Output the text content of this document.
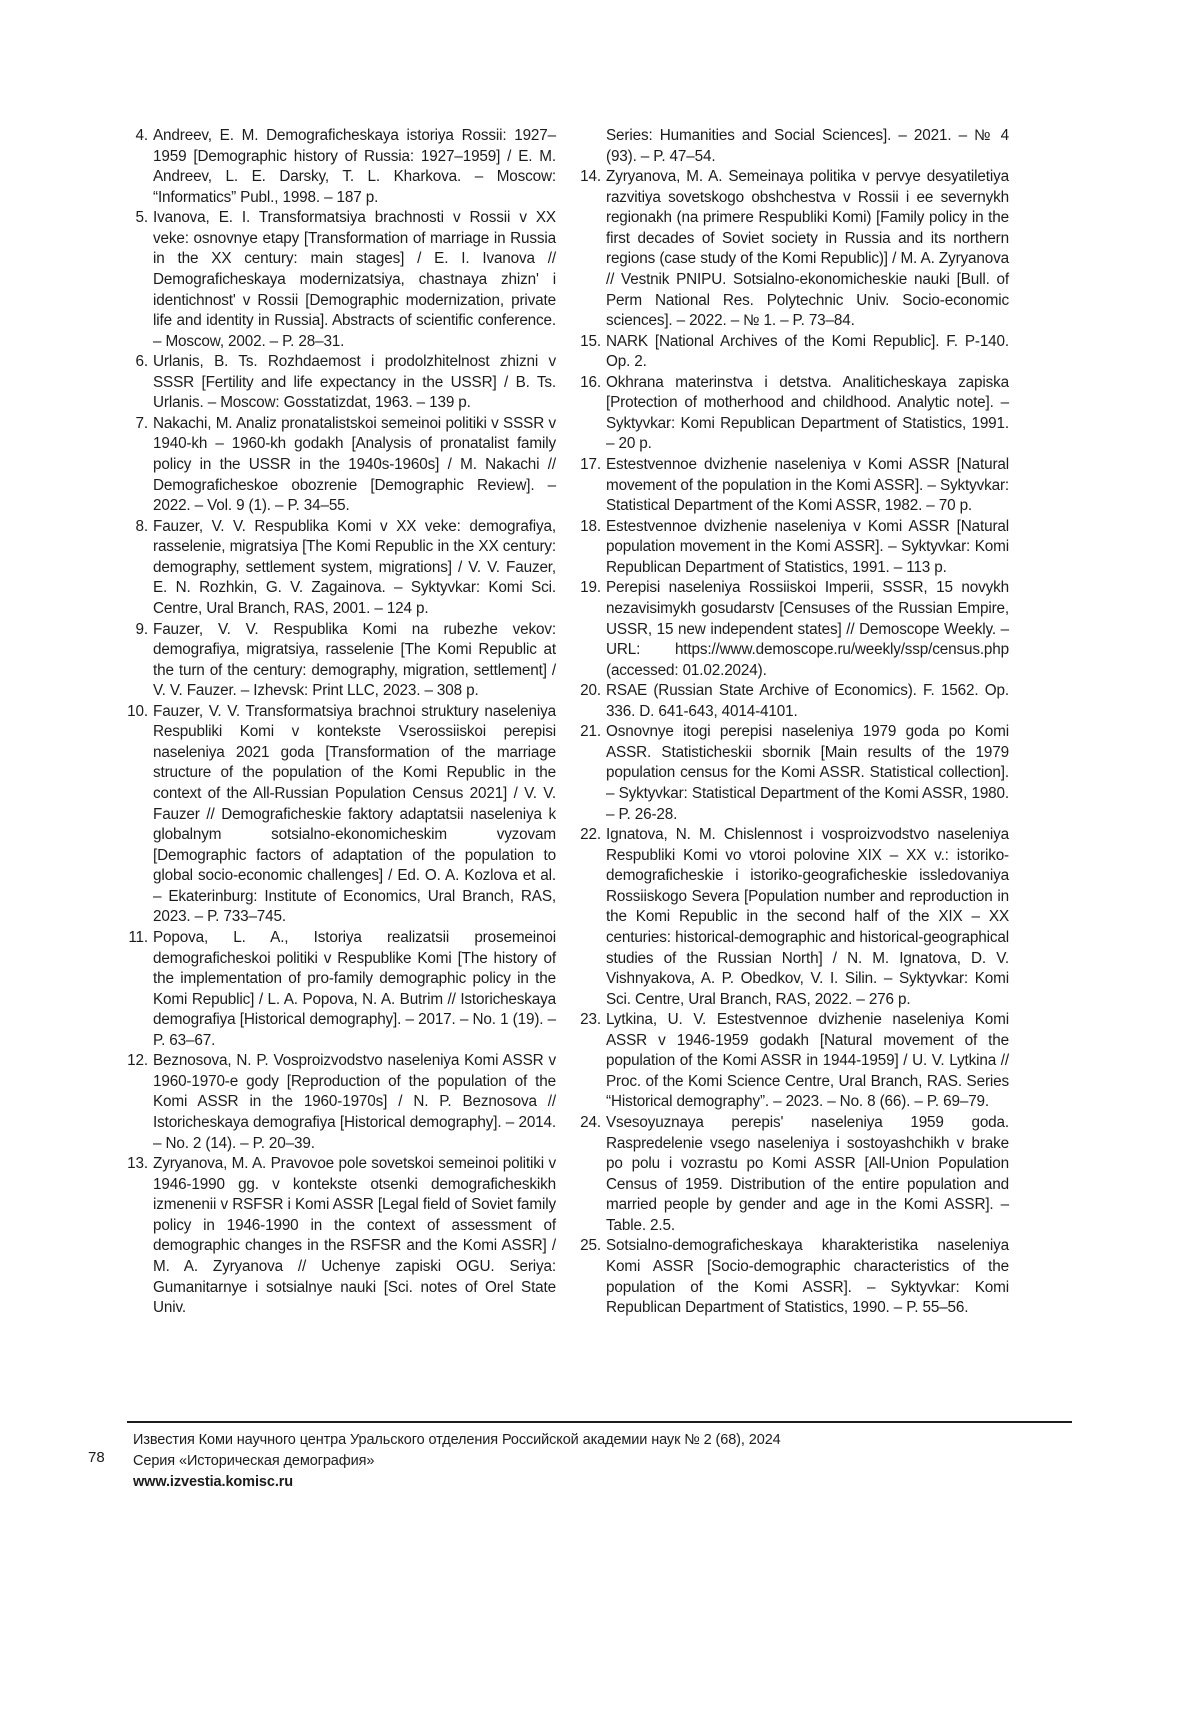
4. Andreev, E. M. Demograficheskaya istoriya Rossii: 1927–1959 [Demographic history of Russia: 1927–1959] / E. M. Andreev, L. E. Darsky, T. L. Kharkova. – Moscow: “Informatics” Publ., 1998. – 187 p.
5. Ivanova, E. I. Transformatsiya brachnosti v Rossii v XX veke: osnovnye etapy [Transformation of marriage in Russia in the XX century: main stages] / E. I. Ivanova // Demograficheskaya modernizatsiya, chastnaya zhizn' i identichnost' v Rossii [Demographic modernization, private life and identity in Russia]. Abstracts of scientific conference. – Moscow, 2002. – P. 28–31.
6. Urlanis, B. Ts. Rozhdaemost i prodolzhitelnost zhizni v SSSR [Fertility and life expectancy in the USSR] / B. Ts. Urlanis. – Moscow: Gosstatizdat, 1963. – 139 p.
7. Nakachi, M. Analiz pronatalistskoi semeinoi politiki v SSSR v 1940-kh – 1960-kh godakh [Analysis of pronatalist family policy in the USSR in the 1940s-1960s] / M. Nakachi // Demograficheskoe obozrenie [Demographic Review]. – 2022. – Vol. 9 (1). – P. 34–55.
8. Fauzer, V. V. Respublika Komi v XX veke: demografiya, rasselenie, migratsiya [The Komi Republic in the XX century: demography, settlement system, migrations] / V. V. Fauzer, E. N. Rozhkin, G. V. Zagainova. – Syktyvkar: Komi Sci. Centre, Ural Branch, RAS, 2001. – 124 p.
9. Fauzer, V. V. Respublika Komi na rubezhe vekov: demografiya, migratsiya, rasselenie [The Komi Republic at the turn of the century: demography, migration, settlement] / V. V. Fauzer. – Izhevsk: Print LLC, 2023. – 308 p.
10. Fauzer, V. V. Transformatsiya brachnoi struktury naseleniya Respubliki Komi v kontekste Vserossiiskoi perepisi naseleniya 2021 goda [Transformation of the marriage structure of the population of the Komi Republic in the context of the All-Russian Population Census 2021] / V. V. Fauzer // Demograficheskie faktory adaptatsii naseleniya k globalnym sotsialno-ekonomicheskim vyzovam [Demographic factors of adaptation of the population to global socio-economic challenges] / Ed. O. A. Kozlova et al. – Ekaterinburg: Institute of Economics, Ural Branch, RAS, 2023. – P. 733–745.
11. Popova, L. A., Istoriya realizatsii prosemeinoi demograficheskoi politiki v Respublike Komi [The history of the implementation of pro-family demographic policy in the Komi Republic] / L. A. Popova, N. A. Butrim // Istoricheskaya demografiya [Historical demography]. – 2017. – No. 1 (19). – P. 63–67.
12. Beznosova, N. P. Vosproizvodstvo naseleniya Komi ASSR v 1960-1970-e gody [Reproduction of the population of the Komi ASSR in the 1960-1970s] / N. P. Beznosova // Istoricheskaya demografiya [Historical demography]. – 2014. – No. 2 (14). – P. 20–39.
13. Zyryanova, M. A. Pravovoe pole sovetskoi semeinoi politiki v 1946-1990 gg. v kontekste otsenki demograficheskikh izmenenii v RSFSR i Komi ASSR [Legal field of Soviet family policy in 1946-1990 in the context of assessment of demographic changes in the RSFSR and the Komi ASSR] / M. A. Zyryanova // Uchenye zapiski OGU. Seriya: Gumanitarnye i sotsialnye nauki [Sci. notes of Orel State Univ.
Series: Humanities and Social Sciences]. – 2021. – № 4 (93). – P. 47–54.
14. Zyryanova, M. A. Semeinaya politika v pervye desyatiletiya razvitiya sovetskogo obshchestva v Rossii i ee severnykh regionakh (na primere Respubliki Komi) [Family policy in the first decades of Soviet society in Russia and its northern regions (case study of the Komi Republic)] / M. A. Zyryanova // Vestnik PNIPU. Sotsialno-ekonomicheskie nauki [Bull. of Perm National Res. Polytechnic Univ. Socio-economic sciences]. – 2022. – № 1. – P. 73–84.
15. NARK [National Archives of the Komi Republic]. F. P-140. Op. 2.
16. Okhrana materinstva i detstva. Analiticheskaya zapiska [Protection of motherhood and childhood. Analytic note]. – Syktyvkar: Komi Republican Department of Statistics, 1991. – 20 p.
17. Estestvennoe dvizhenie naseleniya v Komi ASSR [Natural movement of the population in the Komi ASSR]. – Syktyvkar: Statistical Department of the Komi ASSR, 1982. – 70 p.
18. Estestvennoe dvizhenie naseleniya v Komi ASSR [Natural population movement in the Komi ASSR]. – Syktyvkar: Komi Republican Department of Statistics, 1991. – 113 p.
19. Perepisi naseleniya Rossiiskoi Imperii, SSSR, 15 novykh nezavisimykh gosudarstv [Censuses of the Russian Empire, USSR, 15 new independent states] // Demoscope Weekly. – URL: https://www.demoscope.ru/weekly/ssp/census.php (accessed: 01.02.2024).
20. RSAE (Russian State Archive of Economics). F. 1562. Op. 336. D. 641-643, 4014-4101.
21. Osnovnye itogi perepisi naseleniya 1979 goda po Komi ASSR. Statisticheskii sbornik [Main results of the 1979 population census for the Komi ASSR. Statistical collection]. – Syktyvkar: Statistical Department of the Komi ASSR, 1980. – P. 26-28.
22. Ignatova, N. M. Chislennost i vosproizvodstvo naseleniya Respubliki Komi vo vtoroi polovine XIX – XX v.: istoriko-demograficheskie i istoriko-geograficheskie issledovaniya Rossiiskogo Severa [Population number and reproduction in the Komi Republic in the second half of the XIX – XX centuries: historical-demographic and historical-geographical studies of the Russian North] / N. M. Ignatova, D. V. Vishnyakova, A. P. Obedkov, V. I. Silin. – Syktyvkar: Komi Sci. Centre, Ural Branch, RAS, 2022. – 276 p.
23. Lytkina, U. V. Estestvennoe dvizhenie naseleniya Komi ASSR v 1946-1959 godakh [Natural movement of the population of the Komi ASSR in 1944-1959] / U. V. Lytkina // Proc. of the Komi Science Centre, Ural Branch, RAS. Series “Historical demography”. – 2023. – No. 8 (66). – P. 69–79.
24. Vsesoyuznaya perepis' naseleniya 1959 goda. Raspredelenie vsego naseleniya i sostoyashchikh v brake po polu i vozrastu po Komi ASSR [All-Union Population Census of 1959. Distribution of the entire population and married people by gender and age in the Komi ASSR]. – Table. 2.5.
25. Sotsialno-demograficheskaya kharakteristika naseleniya Komi ASSR [Socio-demographic characteristics of the population of the Komi ASSR]. – Syktyvkar: Komi Republican Department of Statistics, 1990. – P. 55–56.
78
Известия Коми научного центра Уральского отделения Российской академии наук № 2 (68), 2024
Серия «Историческая демография»
www.izvestia.komisc.ru
